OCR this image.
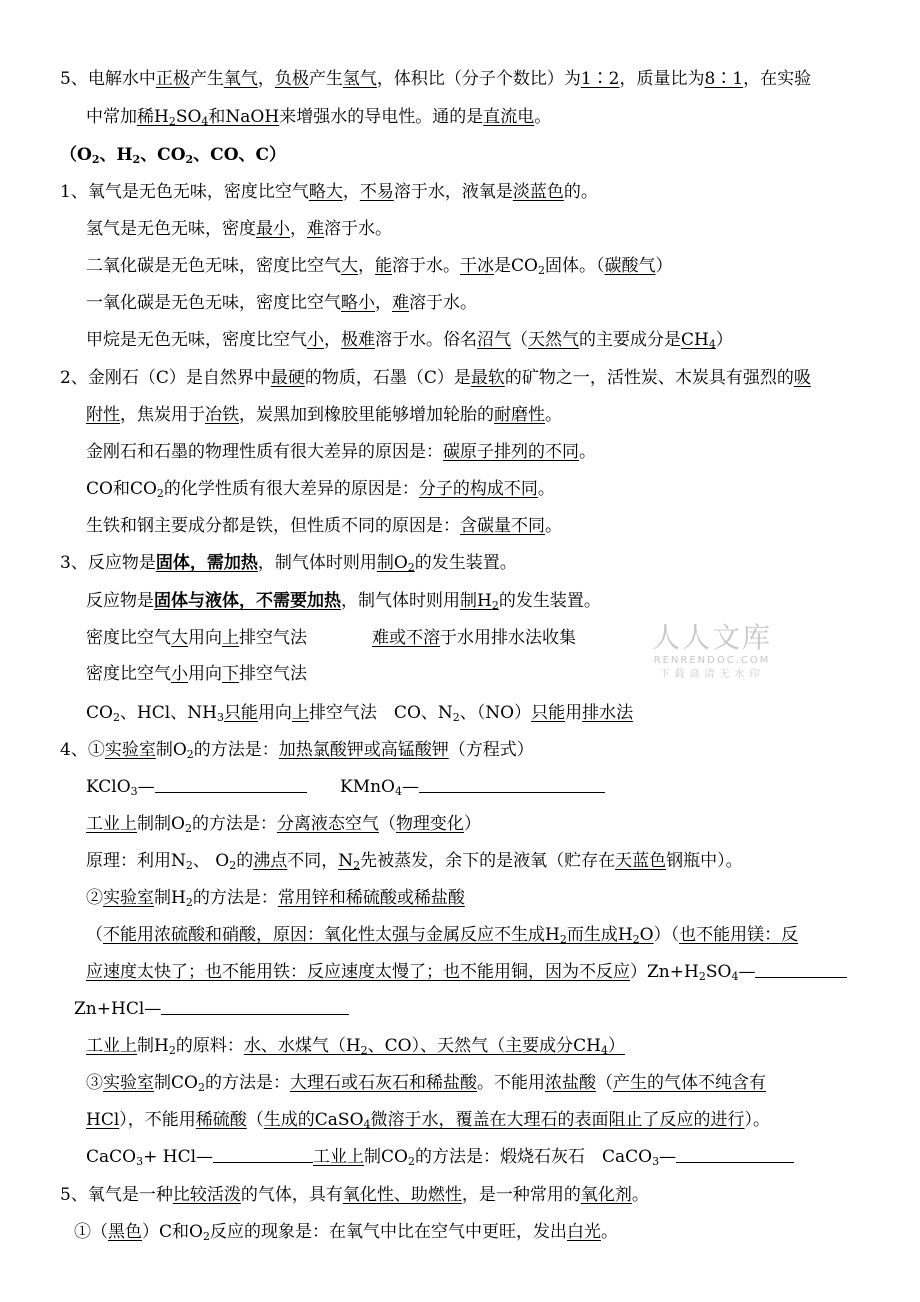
5、电解水中正极产生氧气，负极产生氢气，体积比（分子个数比）为1∶2，质量比为8∶1，在实验
中常加稀$H_2SO_4$和NaOH来增强水的导电性。通的是直流电。
（$O_2$、$H_2$、$CO_2$、CO、C）
1、氧气是无色无味，密度比空气略大，不易溶于水，液氧是淡蓝色的。
氢气是无色无味，密度最小，难溶于水。
二氧化碳是无色无味，密度比空气大，能溶于水。干冰是$CO_2$固体。（碳酸气）
一氧化碳是无色无味，密度比空气略小，难溶于水。
甲烷是无色无味，密度比空气小，极难溶于水。俗名沼气（天然气的主要成分是$CH_4$）
2、金刚石（C）是自然界中最硬的物质，石墨（C）是最软的矿物之一，活性炭、木炭具有强烈的吸
附性，焦炭用于冶铁，炭黑加到橡胶里能够增加轮胎的耐磨性。
金刚石和石墨的物理性质有很大差异的原因是：碳原子排列的不同。
CO和$CO_2$的化学性质有很大差异的原因是：分子的构成不同。
生铁和钢主要成分都是铁，但性质不同的原因是：含碳量不同。
3、反应物是固体，需加热，制气体时则用制$O_2$的发生装置。
反应物是固体与液体，不需要加热，制气体时则用制$H_2$的发生装置。
密度比空气大用向上排空气法	难或不溶于水用排水法收集
密度比空气小用向下排空气法
$CO_2$、HCl、$NH_3$只能用向上排空气法　CO、$N_2$、（NO）只能用排水法
4、①实验室制$O_2$的方法是：加热氯酸钾或高锰酸钾（方程式）
KClO$_3$—	KMnO$_4$—
工业上制制$O_2$的方法是：分离液态空气（物理变化）
原理：利用$N_2$、 $O_2$的沸点不同，$N_2$先被蒸发，余下的是液氧（贮存在天蓝色钢瓶中）。
②实验室制$H_2$的方法是：常用锌和稀硫酸或稀盐酸
（不能用浓硫酸和硝酸，原因：氧化性太强与金属反应不生成$H_2$而生成$H_2O$）（也不能用镁：反
应速度太快了；也不能用铁：反应速度太慢了；也不能用铜，因为不反应）$Zn+H_2SO_4—$
Zn+HCl—
工业上制$H_2$的原料：水、水煤气（$H_2$、CO）、天然气（主要成分$CH_4$）
③实验室制$CO_2$的方法是：大理石或石灰石和稀盐酸。不能用浓盐酸（产生的气体不纯含有
HCl），不能用稀硫酸（生成的CaSO$_4$微溶于水，覆盖在大理石的表面阻止了反应的进行）。
CaCO$_3$+ HCl—	工业上制$CO_2$的方法是：煅烧石灰石　CaCO$_3$—
5、氧气是一种比较活泼的气体，具有氧化性、助燃性，是一种常用的氧化剂。
①（黑色）C和$O_2$反应的现象是：在氧气中比在空气中更旺，发出白光。
人人文库
RENRENDOC.COM
下载高清无水印
